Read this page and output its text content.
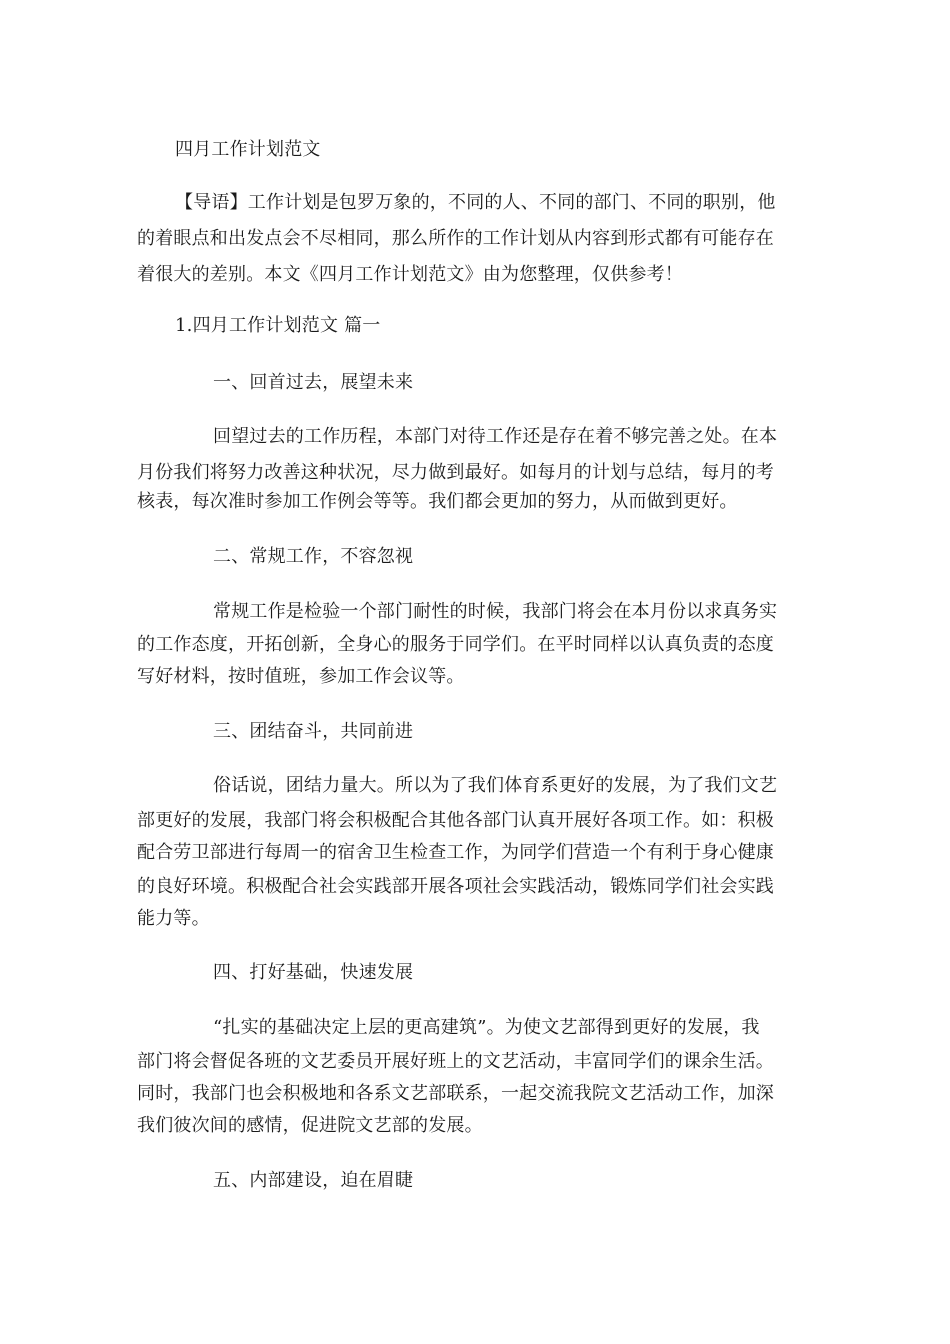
四月工作计划范文
【导语】工作计划是包罗万象的，不同的人、不同的部门、不同的职别，他
的着眼点和出发点会不尽相同，那么所作的工作计划从内容到形式都有可能存在
着很大的差别。本文《四月工作计划范文》由为您整理，仅供参考！
1.四月工作计划范文 篇一
一、回首过去，展望未来
回望过去的工作历程，本部门对待工作还是存在着不够完善之处。在本
月份我们将努力改善这种状况，尽力做到最好。如每月的计划与总结，每月的考
核表，每次准时参加工作例会等等。我们都会更加的努力，从而做到更好。
二、常规工作，不容忽视
常规工作是检验一个部门耐性的时候，我部门将会在本月份以求真务实
的工作态度，开拓创新，全身心的服务于同学们。在平时同样以认真负责的态度
写好材料，按时值班，参加工作会议等。
三、团结奋斗，共同前进
俗话说，团结力量大。所以为了我们体育系更好的发展，为了我们文艺
部更好的发展，我部门将会积极配合其他各部门认真开展好各项工作。如：积极
配合劳卫部进行每周一的宿舍卫生检查工作，为同学们营造一个有利于身心健康
的良好环境。积极配合社会实践部开展各项社会实践活动，锻炼同学们社会实践
能力等。
四、打好基础，快速发展
“扎实的基础决定上层的更高建筑”。为使文艺部得到更好的发展，我
部门将会督促各班的文艺委员开展好班上的文艺活动，丰富同学们的课余生活。
同时，我部门也会积极地和各系文艺部联系，一起交流我院文艺活动工作，加深
我们彼次间的感情，促进院文艺部的发展。
五、内部建设，迫在眉睫
